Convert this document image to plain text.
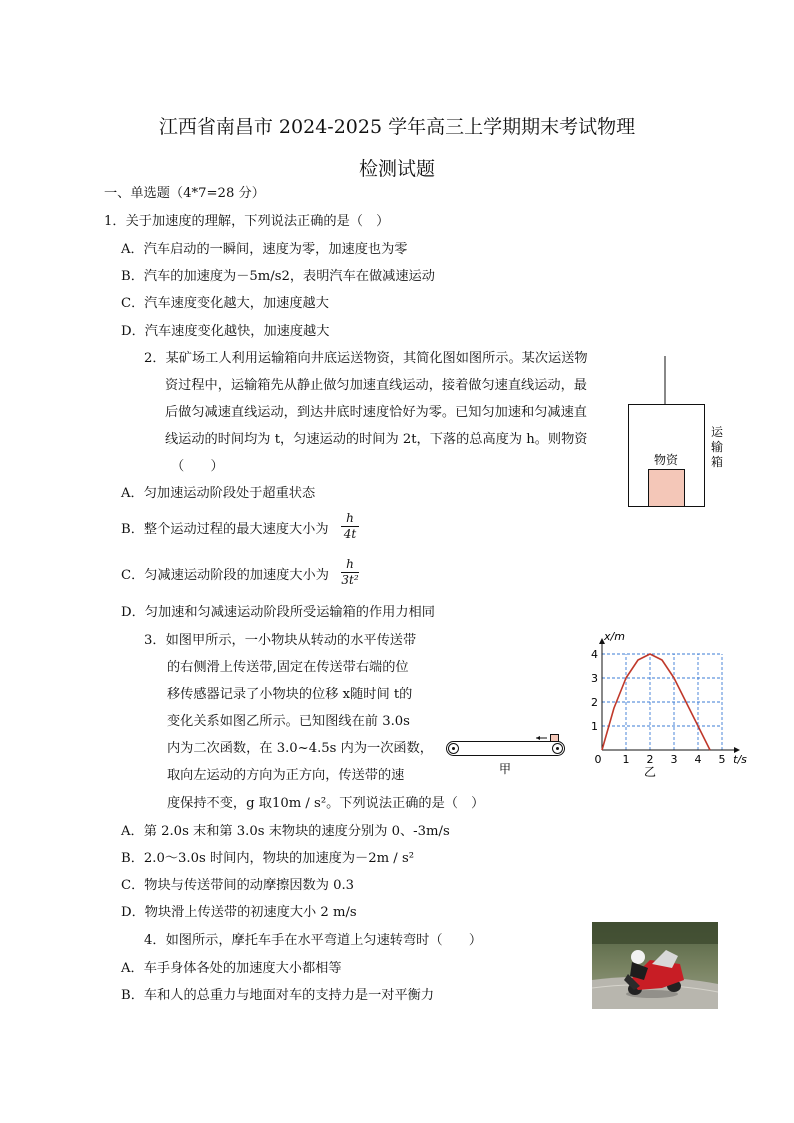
江西省南昌市 2024-2025 学年高三上学期期末考试物理
检测试题
一、单选题（4*7=28 分）
1．关于加速度的理解，下列说法正确的是（　）
A．汽车启动的一瞬间，速度为零，加速度也为零
B．汽车的加速度为－5m/s2，表明汽车在做减速运动
C．汽车速度变化越大，加速度越大
D．汽车速度变化越快，加速度越大
2．某矿场工人利用运输箱向井底运送物资，其简化图如图所示。某次运送物
资过程中，运输箱先从静止做匀加速直线运动，接着做匀速直线运动，最
后做匀减速直线运动，到达井底时速度恰好为零。已知匀加速和匀减速直
线运动的时间均为 t，匀速运动的时间为 2t，下落的总高度为 h。则物资
（　　）
A．匀加速运动阶段处于超重状态
B．整个运动过程的最大速度大小为 $\frac{h}{4t}$
C．匀减速运动阶段的加速度大小为 $\frac{h}{\text{3t²}}$
D．匀加速和匀减速运动阶段所受运输箱的作用力相同
物资
运输箱
3．如图甲所示，一小物块从转动的水平传送带
的右侧滑上传送带,固定在传送带右端的位
移传感器记录了小物块的位移 x随时间 t的
变化关系如图乙所示。已知图线在前 3.0s
内为二次函数，在 3.0~4.5s 内为一次函数，
取向左运动的方向为正方向，传送带的速
度保持不变，g 取10m / s²。下列说法正确的是（　）
A．第 2.0s 末和第 3.0s 末物块的速度分别为 0、-3m/s
B．2.0～3.0s 时间内，物块的加速度为－2m / s²
C．物块与传送带间的动摩擦因数为 0.3
D．物块滑上传送带的初速度大小 2 m/s
甲
0 1 2 3 4 5
1
2
3
4
t/s
x/m
乙
4．如图所示，摩托车手在水平弯道上匀速转弯时（　　）
A．车手身体各处的加速度大小都相等
B．车和人的总重力与地面对车的支持力是一对平衡力
